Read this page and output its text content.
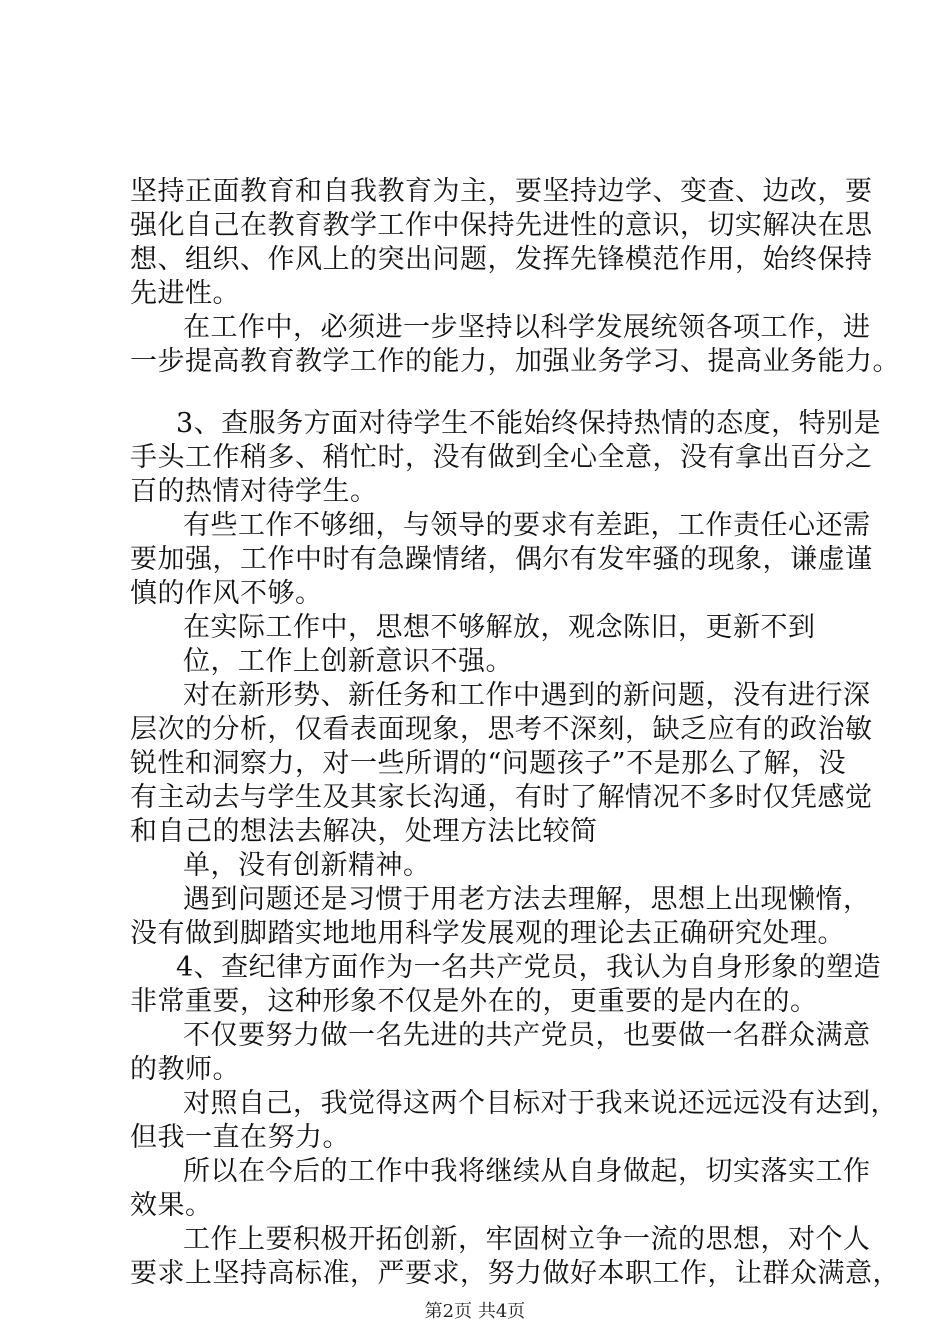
坚持正面教育和自我教育为主，要坚持边学、变查、边改，要
强化自己在教育教学工作中保持先进性的意识，切实解决在思
想、组织、作风上的突出问题，发挥先锋模范作用，始终保持
先进性。
在工作中，必须进一步坚持以科学发展统领各项工作，进
一步提高教育教学工作的能力，加强业务学习、提高业务能力。
3、查服务方面对待学生不能始终保持热情的态度，特别是
手头工作稍多、稍忙时，没有做到全心全意，没有拿出百分之
百的热情对待学生。
有些工作不够细，与领导的要求有差距，工作责任心还需
要加强，工作中时有急躁情绪，偶尔有发牢骚的现象，谦虚谨
慎的作风不够。
在实际工作中，思想不够解放，观念陈旧，更新不到
位，工作上创新意识不强。
对在新形势、新任务和工作中遇到的新问题，没有进行深
层次的分析，仅看表面现象，思考不深刻，缺乏应有的政治敏
锐性和洞察力，对一些所谓的“问题孩子”不是那么了解，没
有主动去与学生及其家长沟通，有时了解情况不多时仅凭感觉
和自己的想法去解决，处理方法比较简
单，没有创新精神。
遇到问题还是习惯于用老方法去理解，思想上出现懒惰，
没有做到脚踏实地地用科学发展观的理论去正确研究处理。
4、查纪律方面作为一名共产党员，我认为自身形象的塑造
非常重要，这种形象不仅是外在的，更重要的是内在的。
不仅要努力做一名先进的共产党员，也要做一名群众满意
的教师。
对照自己，我觉得这两个目标对于我来说还远远没有达到，
但我一直在努力。
所以在今后的工作中我将继续从自身做起，切实落实工作
效果。
工作上要积极开拓创新，牢固树立争一流的思想，对个人
要求上坚持高标准，严要求，努力做好本职工作，让群众满意，
第2页 共4页
